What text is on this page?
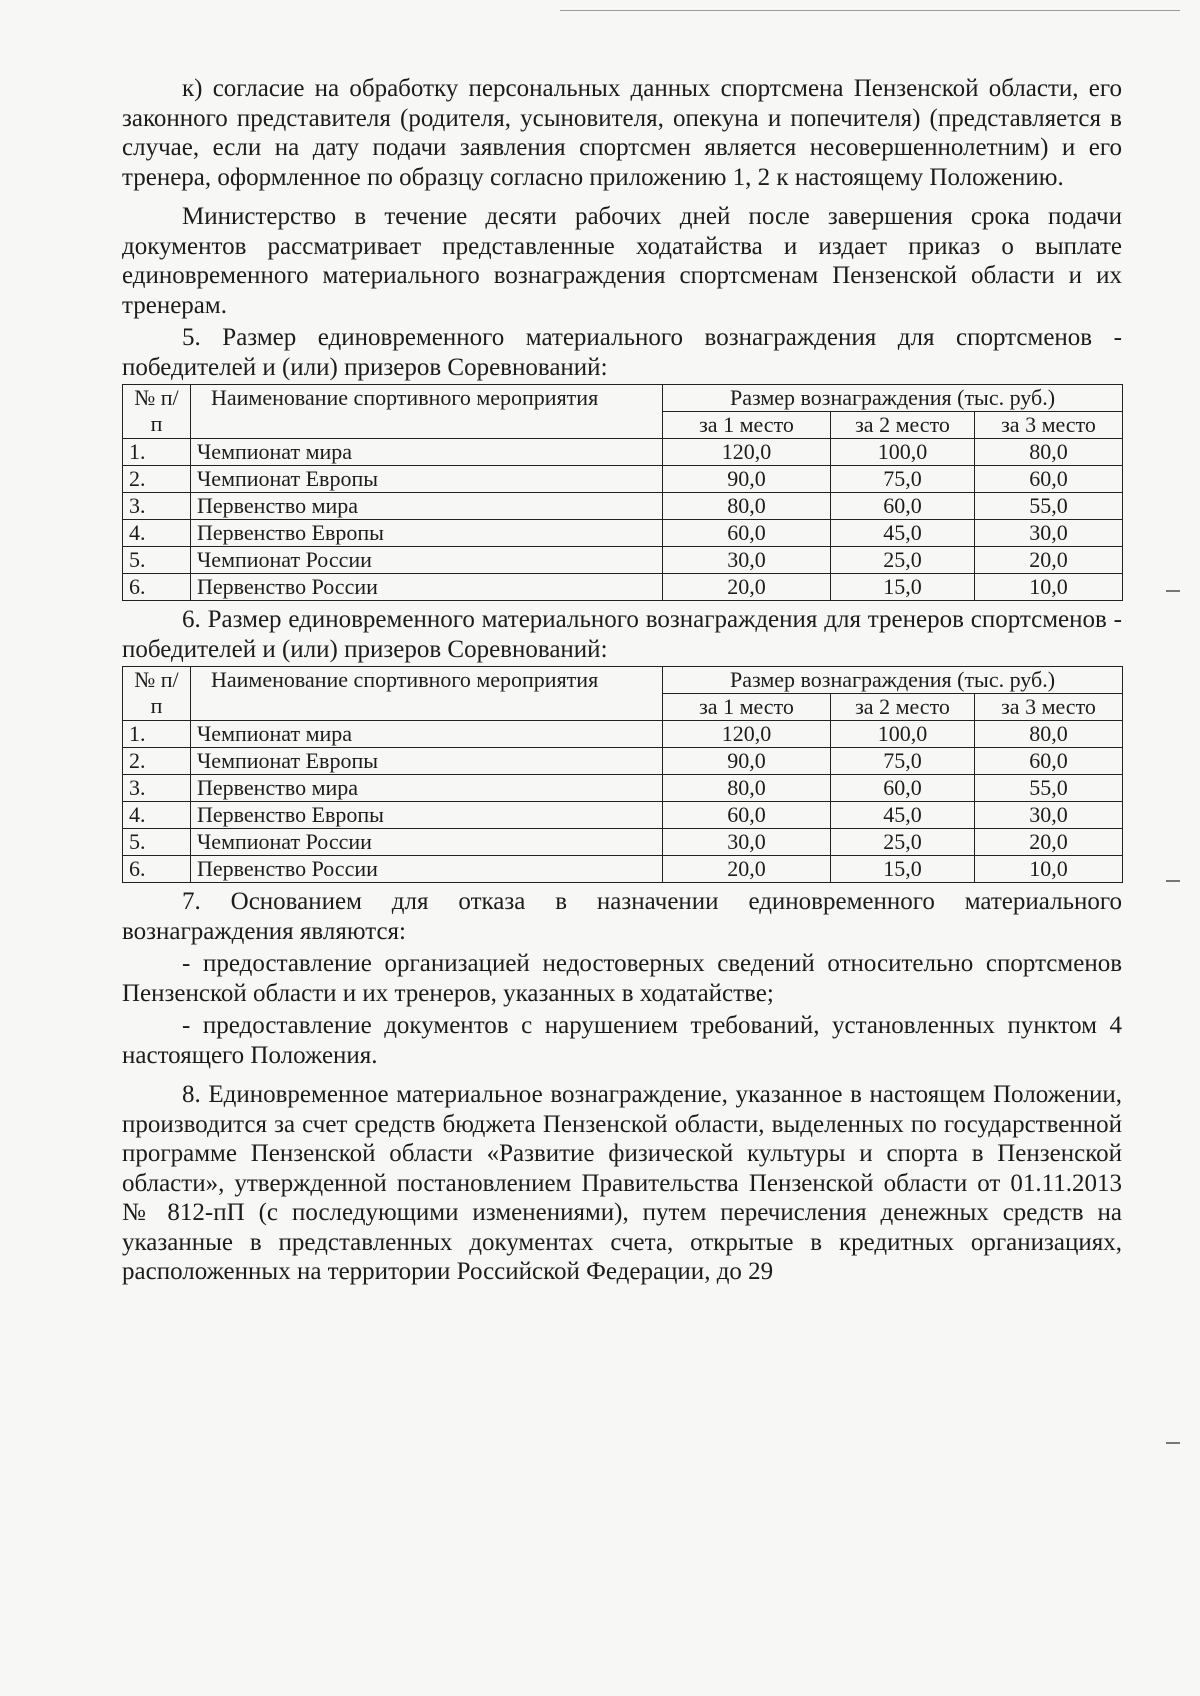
к) согласие на обработку персональных данных спортсмена Пензенской области, его законного представителя (родителя, усыновителя, опекуна и попечителя) (представляется в случае, если на дату подачи заявления спортсмен является несовершеннолетним) и его тренера, оформленное по образцу согласно приложению 1, 2 к настоящему Положению.

Министерство в течение десяти рабочих дней после завершения срока подачи документов рассматривает представленные ходатайства и издает приказ о выплате единовременного материального вознаграждения спортсменам Пензенской области и их тренерам.

5. Размер единовременного материального вознаграждения для спортсменов - победителей и (или) призеров Соревнований:

№ п/п	Наименование спортивного мероприятия	Размер вознаграждения (тыс. руб.)		
		за 1 место	за 2 место	за 3 место
1.	Чемпионат мира	120,0	100,0	80,0
2.	Чемпионат Европы	90,0	75,0	60,0
3.	Первенство мира	80,0	60,0	55,0
4.	Первенство Европы	60,0	45,0	30,0
5.	Чемпионат России	30,0	25,0	20,0
6.	Первенство России	20,0	15,0	10,0

6. Размер единовременного материального вознаграждения для тренеров спортсменов - победителей и (или) призеров Соревнований:

№ п/п	Наименование спортивного мероприятия	Размер вознаграждения (тыс. руб.)		
		за 1 место	за 2 место	за 3 место
1.	Чемпионат мира	120,0	100,0	80,0
2.	Чемпионат Европы	90,0	75,0	60,0
3.	Первенство мира	80,0	60,0	55,0
4.	Первенство Европы	60,0	45,0	30,0
5.	Чемпионат России	30,0	25,0	20,0
6.	Первенство России	20,0	15,0	10,0

7. Основанием для отказа в назначении единовременного материального вознаграждения являются:

- предоставление организацией недостоверных сведений относительно спортсменов Пензенской области и их тренеров, указанных в ходатайстве;

- предоставление документов с нарушением требований, установленных пунктом 4 настоящего Положения.

8. Единовременное материальное вознаграждение, указанное в настоящем Положении, производится за счет средств бюджета Пензенской области, выделенных по государственной программе Пензенской области «Развитие физической культуры и спорта в Пензенской области», утвержденной постановлением Правительства Пензенской области от 01.11.2013 № 812-пП (с последующими изменениями), путем перечисления денежных средств на указанные в представленных документах счета, открытые в кредитных организациях, расположенных на территории Российской Федерации, до 29
